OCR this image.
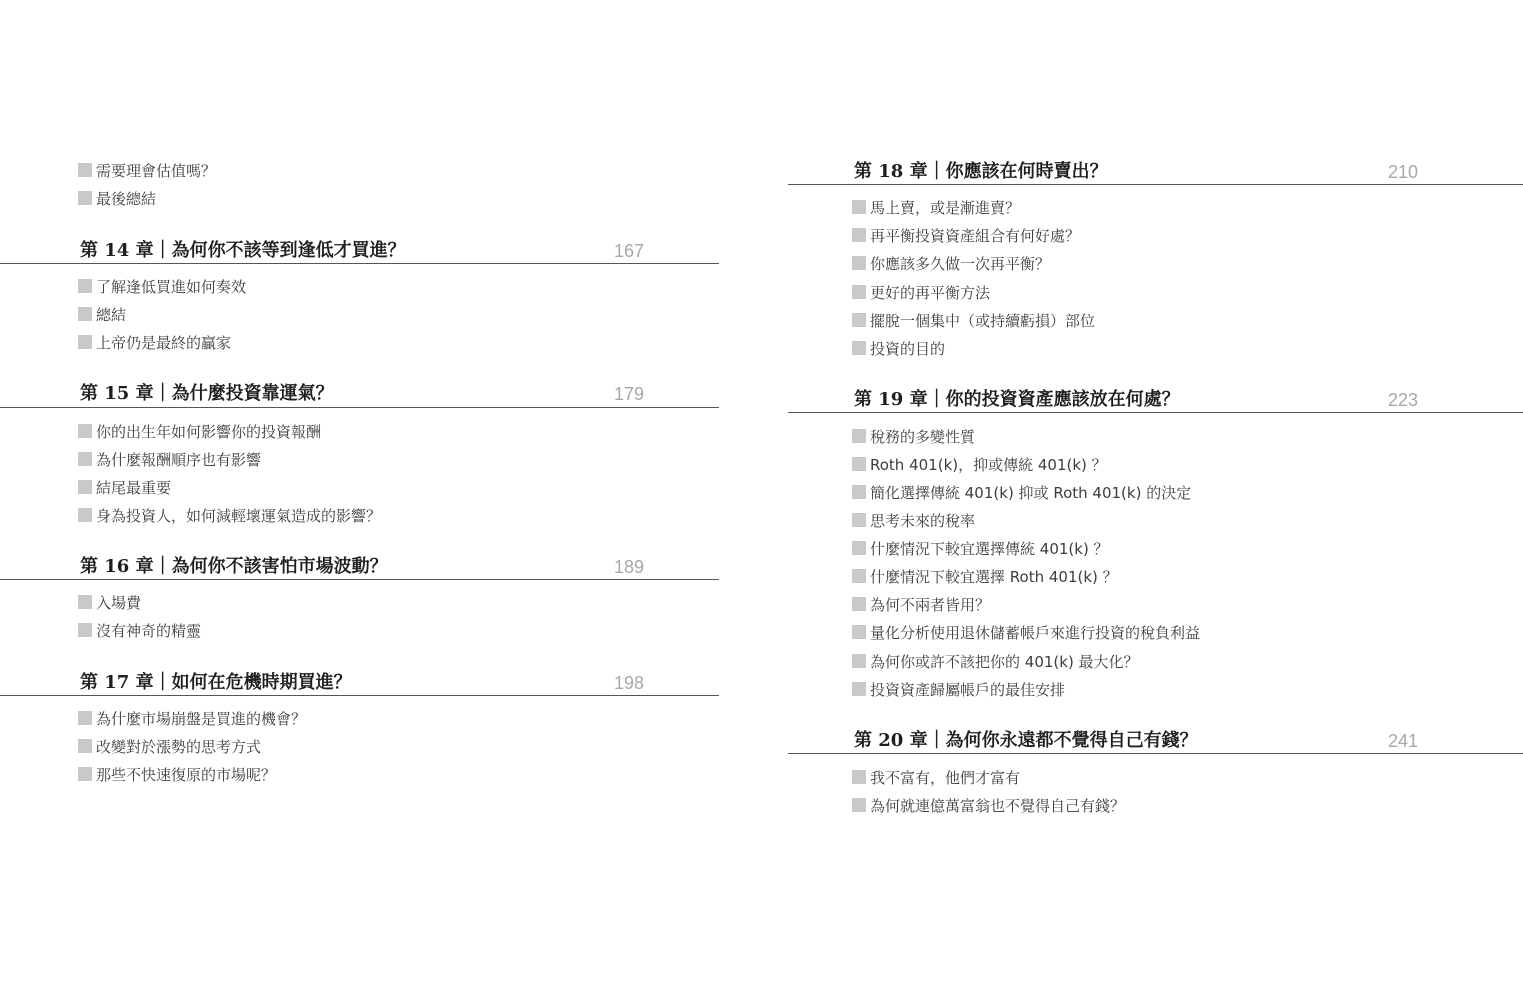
需要理會估值嗎？
最後總結
第 14 章｜為何你不該等到逢低才買進？	167
了解逢低買進如何奏效
總結
上帝仍是最終的贏家
第 15 章｜為什麼投資靠運氣？	179
你的出生年如何影響你的投資報酬
為什麼報酬順序也有影響
結尾最重要
身為投資人，如何減輕壞運氣造成的影響？
第 16 章｜為何你不該害怕市場波動？	189
入場費
沒有神奇的精靈
第 17 章｜如何在危機時期買進？	198
為什麼市場崩盤是買進的機會？
改變對於漲勢的思考方式
那些不快速復原的市場呢？
第 18 章｜你應該在何時賣出？	210
馬上賣，或是漸進賣？
再平衡投資資產組合有何好處？
你應該多久做一次再平衡？
更好的再平衡方法
擺脫一個集中（或持續虧損）部位
投資的目的
第 19 章｜你的投資資產應該放在何處？	223
稅務的多變性質
Roth 401(k)，抑或傳統 401(k) ？
簡化選擇傳統 401(k) 抑或 Roth 401(k) 的決定
思考未來的稅率
什麼情況下較宜選擇傳統 401(k) ？
什麼情況下較宜選擇 Roth 401(k) ？
為何不兩者皆用？
量化分析使用退休儲蓄帳戶來進行投資的稅負利益
為何你或許不該把你的 401(k) 最大化？
投資資產歸屬帳戶的最佳安排
第 20 章｜為何你永遠都不覺得自己有錢？	241
我不富有，他們才富有
為何就連億萬富翁也不覺得自己有錢？
